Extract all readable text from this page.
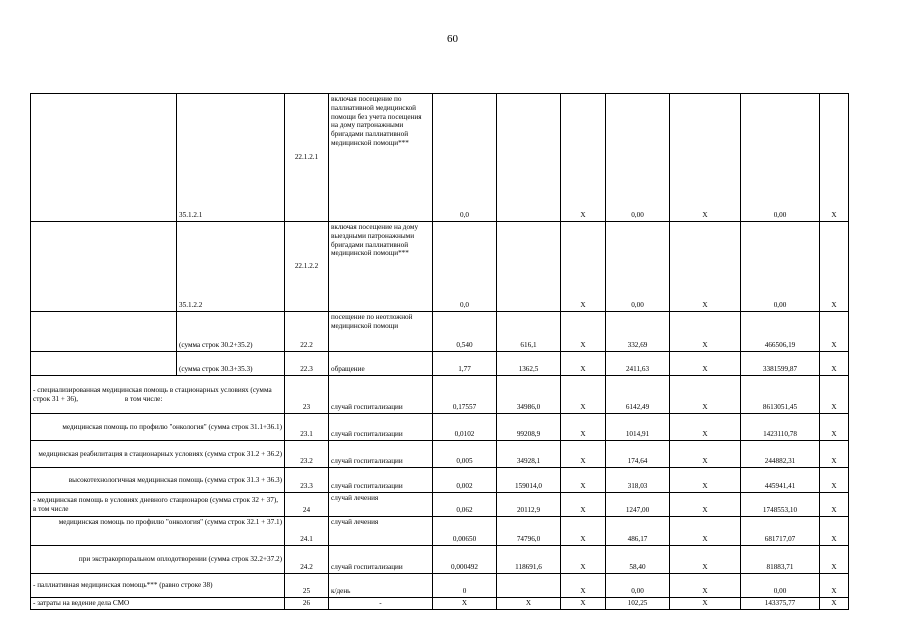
60
	35.1.2.1	22.1.2.1	включая посещение по паллиативной медицинской помощи без учета посещения на дому патронажными бригадами паллиативной медицинской помощи***	0,0		X	0,00	X	0,00	X
	35.1.2.2	22.1.2.2	включая посещение на дому выездными патронажными бригадами паллиативной медицинской помощи***	0,0		X	0,00	X	0,00	X
	(сумма строк 30.2+35.2)	22.2	посещение по неотложной медицинской помощи	0,540	616,1	X	332,69	X	466506,19	X
	(сумма строк 30.3+35.3)	22.3	обращение	1,77	1362,5	X	2411,63	X	3381599,87	X
- специализированная медицинская помощь в стационарных условиях (сумма строк 31 + 36), в том числе:		23	случай госпитализации	0,17557	34986,0	X	6142,49	X	8613051,45	X
медицинская помощь по профилю "онкология" (сумма строк 31.1+36.1)		23.1	случай госпитализации	0,0102	99208,9	X	1014,91	X	1423110,78	X
медицинская реабилитация в стационарных условиях (сумма строк 31.2 + 36.2)		23.2	случай госпитализации	0,005	34928,1	X	174,64	X	244882,31	X
высокотехнологичная медицинская помощь (сумма строк 31.3 + 36.3)		23.3	случай госпитализации	0,002	159014,0	X	318,03	X	445941,41	X
- медицинская помощь в условиях дневного стационаров (сумма строк 32 + 37), в том числе		24	случай лечения	0,062	20112,9	X	1247,00	X	1748553,10	X
медицинская помощь по профилю "онкология" (сумма строк 32.1 + 37.1)		24.1	случай лечения	0,00650	74796,0	X	486,17	X	681717,07	X
при экстракорпоральном оплодотворении (сумма строк 32.2+37.2)		24.2	случай госпитализации	0,000492	118691,6	X	58,40	X	81883,71	X
- паллиативная медицинская помощь*** (равно строке 38)		25	к/день	0		X	0,00	X	0,00	X
- затраты на ведение дела СМО		26	-	X	X	X	102,25	X	143375,77	X
